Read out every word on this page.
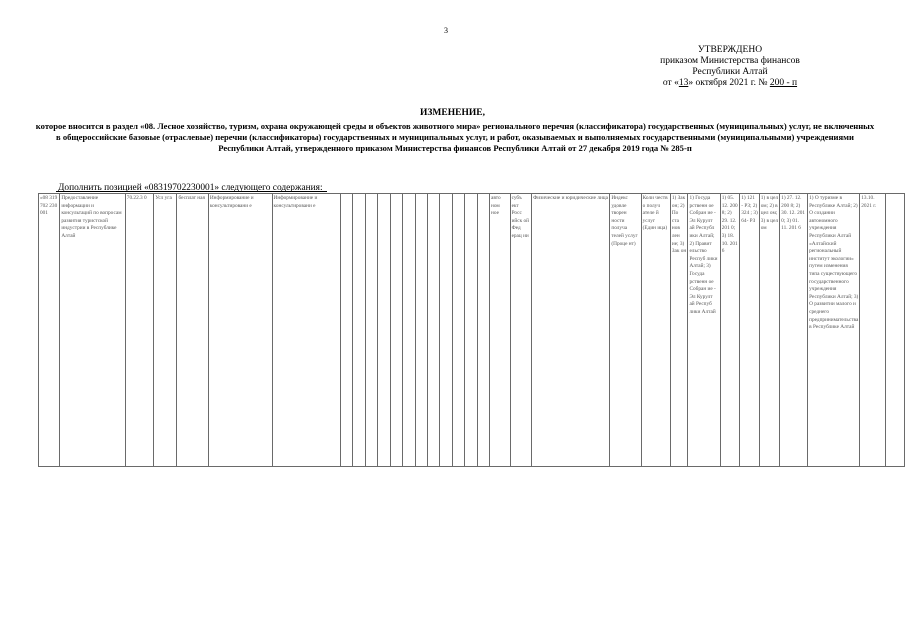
3
УТВЕРЖДЕНО
приказом Министерства финансов
Республики Алтай
от «13» октября 2021 г. № 200 - п
ИЗМЕНЕНИЕ,
которое вносится в раздел «08. Лесное хозяйство, туризм, охрана окружающей среды и объектов животного мира» регионального перечня (классификатора) государственных (муниципальных) услуг, не включенных в общероссийские базовые (отраслевые) перечни (классификаторы) государственных и муниципальных услуг, и работ, оказываемых и выполняемых государственными (муниципальными) учреждениями Республики Алтай, утвержденного приказом Министерства финансов Республики Алтай от 27 декабря 2019 года № 285-п
Дополнить позицией «08319702230001» следующего содержания:
«08 319 702 230 001	Предоставление информации и консультаций по вопросам развития туристской индустрии в Республике Алтай	70.22.3 0	Усл уга	бесплат ная	Информирование и консультировани е	Информирование и консультировани е													авто ном ное	субъ ект Росс ийск ой Фед ерац ии	Физические и юридические лица	Индекс удовле творен ности получа телей услуг (Проце нт)	Коли честв о получ ателе й услуг (Един ица)	1) Зак он; 2) По ста нов лен ие; 3) Зак он	1) Госуда рственн ое Собран ие - Эл Курулт ай Республ ики Алтай; 2) Правит ельство Респуб лики Алтай; 3) Госуда рственн ое Собран ие - Эл Курулт ай Респуб лики Алтай	1) 05. 12. 200 8; 2) 29. 12. 201 0; 3) 18. 10. 201 6	1) 121 - РЗ; 2) 324 ; 3) 64- РЗ	1) в цел ом; 2) в цел ом; 3) в цел ом	1) 27. 12. 200 8; 2) 30. 12. 201 0; 3) 01. 11. 201 6	1) О туризме в Республике Алтай; 2) О создании автономного учреждения Республики Алтай «Алтайский региональный институт экологии» путем изменения типа существующего государственного учреждения Республики Алтай; 3) О развитии малого и среднего предпринимательства в Республике Алтай	13.10. 2021 г.	
